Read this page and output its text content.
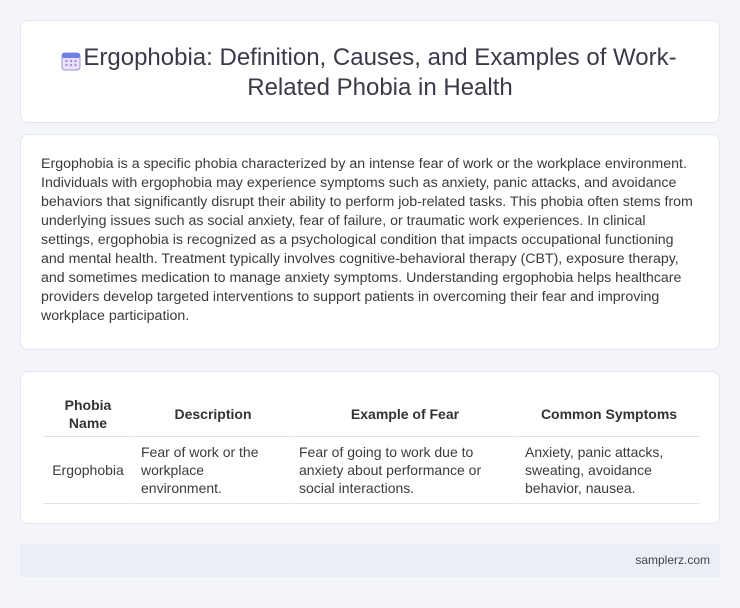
Ergophobia: Definition, Causes, and Examples of Work-Related Phobia in Health

Ergophobia is a specific phobia characterized by an intense fear of work or the workplace environment. Individuals with ergophobia may experience symptoms such as anxiety, panic attacks, and avoidance behaviors that significantly disrupt their ability to perform job-related tasks. This phobia often stems from underlying issues such as social anxiety, fear of failure, or traumatic work experiences. In clinical settings, ergophobia is recognized as a psychological condition that impacts occupational functioning and mental health. Treatment typically involves cognitive-behavioral therapy (CBT), exposure therapy, and sometimes medication to manage anxiety symptoms. Understanding ergophobia helps healthcare providers develop targeted interventions to support patients in overcoming their fear and improving workplace participation.

Phobia Name	Description	Example of Fear	Common Symptoms
Ergophobia	Fear of work or the workplace environment.	Fear of going to work due to anxiety about performance or social interactions.	Anxiety, panic attacks, sweating, avoidance behavior, nausea.
samplerz.com
